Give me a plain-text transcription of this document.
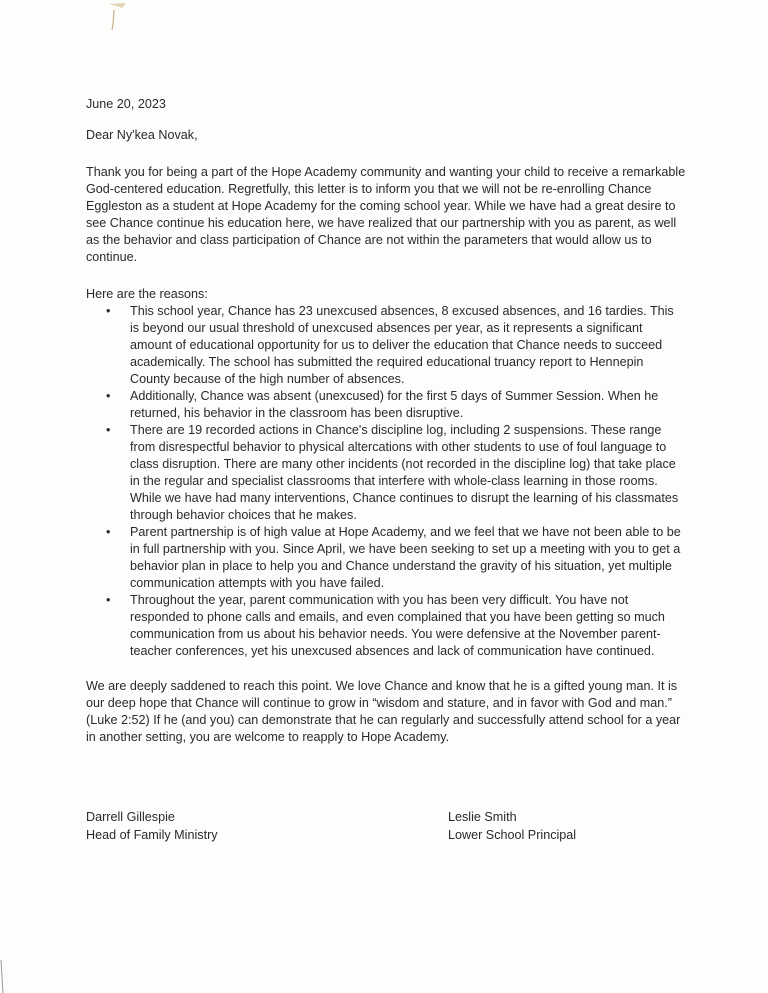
June 20, 2023

Dear Ny'kea Novak,

Thank you for being a part of the Hope Academy community and wanting your child to receive a remarkable God-centered education. Regretfully, this letter is to inform you that we will not be re-enrolling Chance Eggleston as a student at Hope Academy for the coming school year. While we have had a great desire to see Chance continue his education here, we have realized that our partnership with you as parent, as well as the behavior and class participation of Chance are not within the parameters that would allow us to continue.

Here are the reasons:

•	This school year, Chance has 23 unexcused absences, 8 excused absences, and 16 tardies. This is beyond our usual threshold of unexcused absences per year, as it represents a significant amount of educational opportunity for us to deliver the education that Chance needs to succeed academically. The school has submitted the required educational truancy report to Hennepin County because of the high number of absences.
•	Additionally, Chance was absent (unexcused) for the first 5 days of Summer Session. When he returned, his behavior in the classroom has been disruptive.
•	There are 19 recorded actions in Chance's discipline log, including 2 suspensions. These range from disrespectful behavior to physical altercations with other students to use of foul language to class disruption. There are many other incidents (not recorded in the discipline log) that take place in the regular and specialist classrooms that interfere with whole-class learning in those rooms. While we have had many interventions, Chance continues to disrupt the learning of his classmates through behavior choices that he makes.
•	Parent partnership is of high value at Hope Academy, and we feel that we have not been able to be in full partnership with you. Since April, we have been seeking to set up a meeting with you to get a behavior plan in place to help you and Chance understand the gravity of his situation, yet multiple communication attempts with you have failed.
•	Throughout the year, parent communication with you has been very difficult. You have not responded to phone calls and emails, and even complained that you have been getting so much communication from us about his behavior needs. You were defensive at the November parent-teacher conferences, yet his unexcused absences and lack of communication have continued.

We are deeply saddened to reach this point. We love Chance and know that he is a gifted young man. It is our deep hope that Chance will continue to grow in “wisdom and stature, and in favor with God and man.” (Luke 2:52) If he (and you) can demonstrate that he can regularly and successfully attend school for a year in another setting, you are welcome to reapply to Hope Academy.

Darrell Gillespie
Head of Family Ministry
Leslie Smith
Lower School Principal
